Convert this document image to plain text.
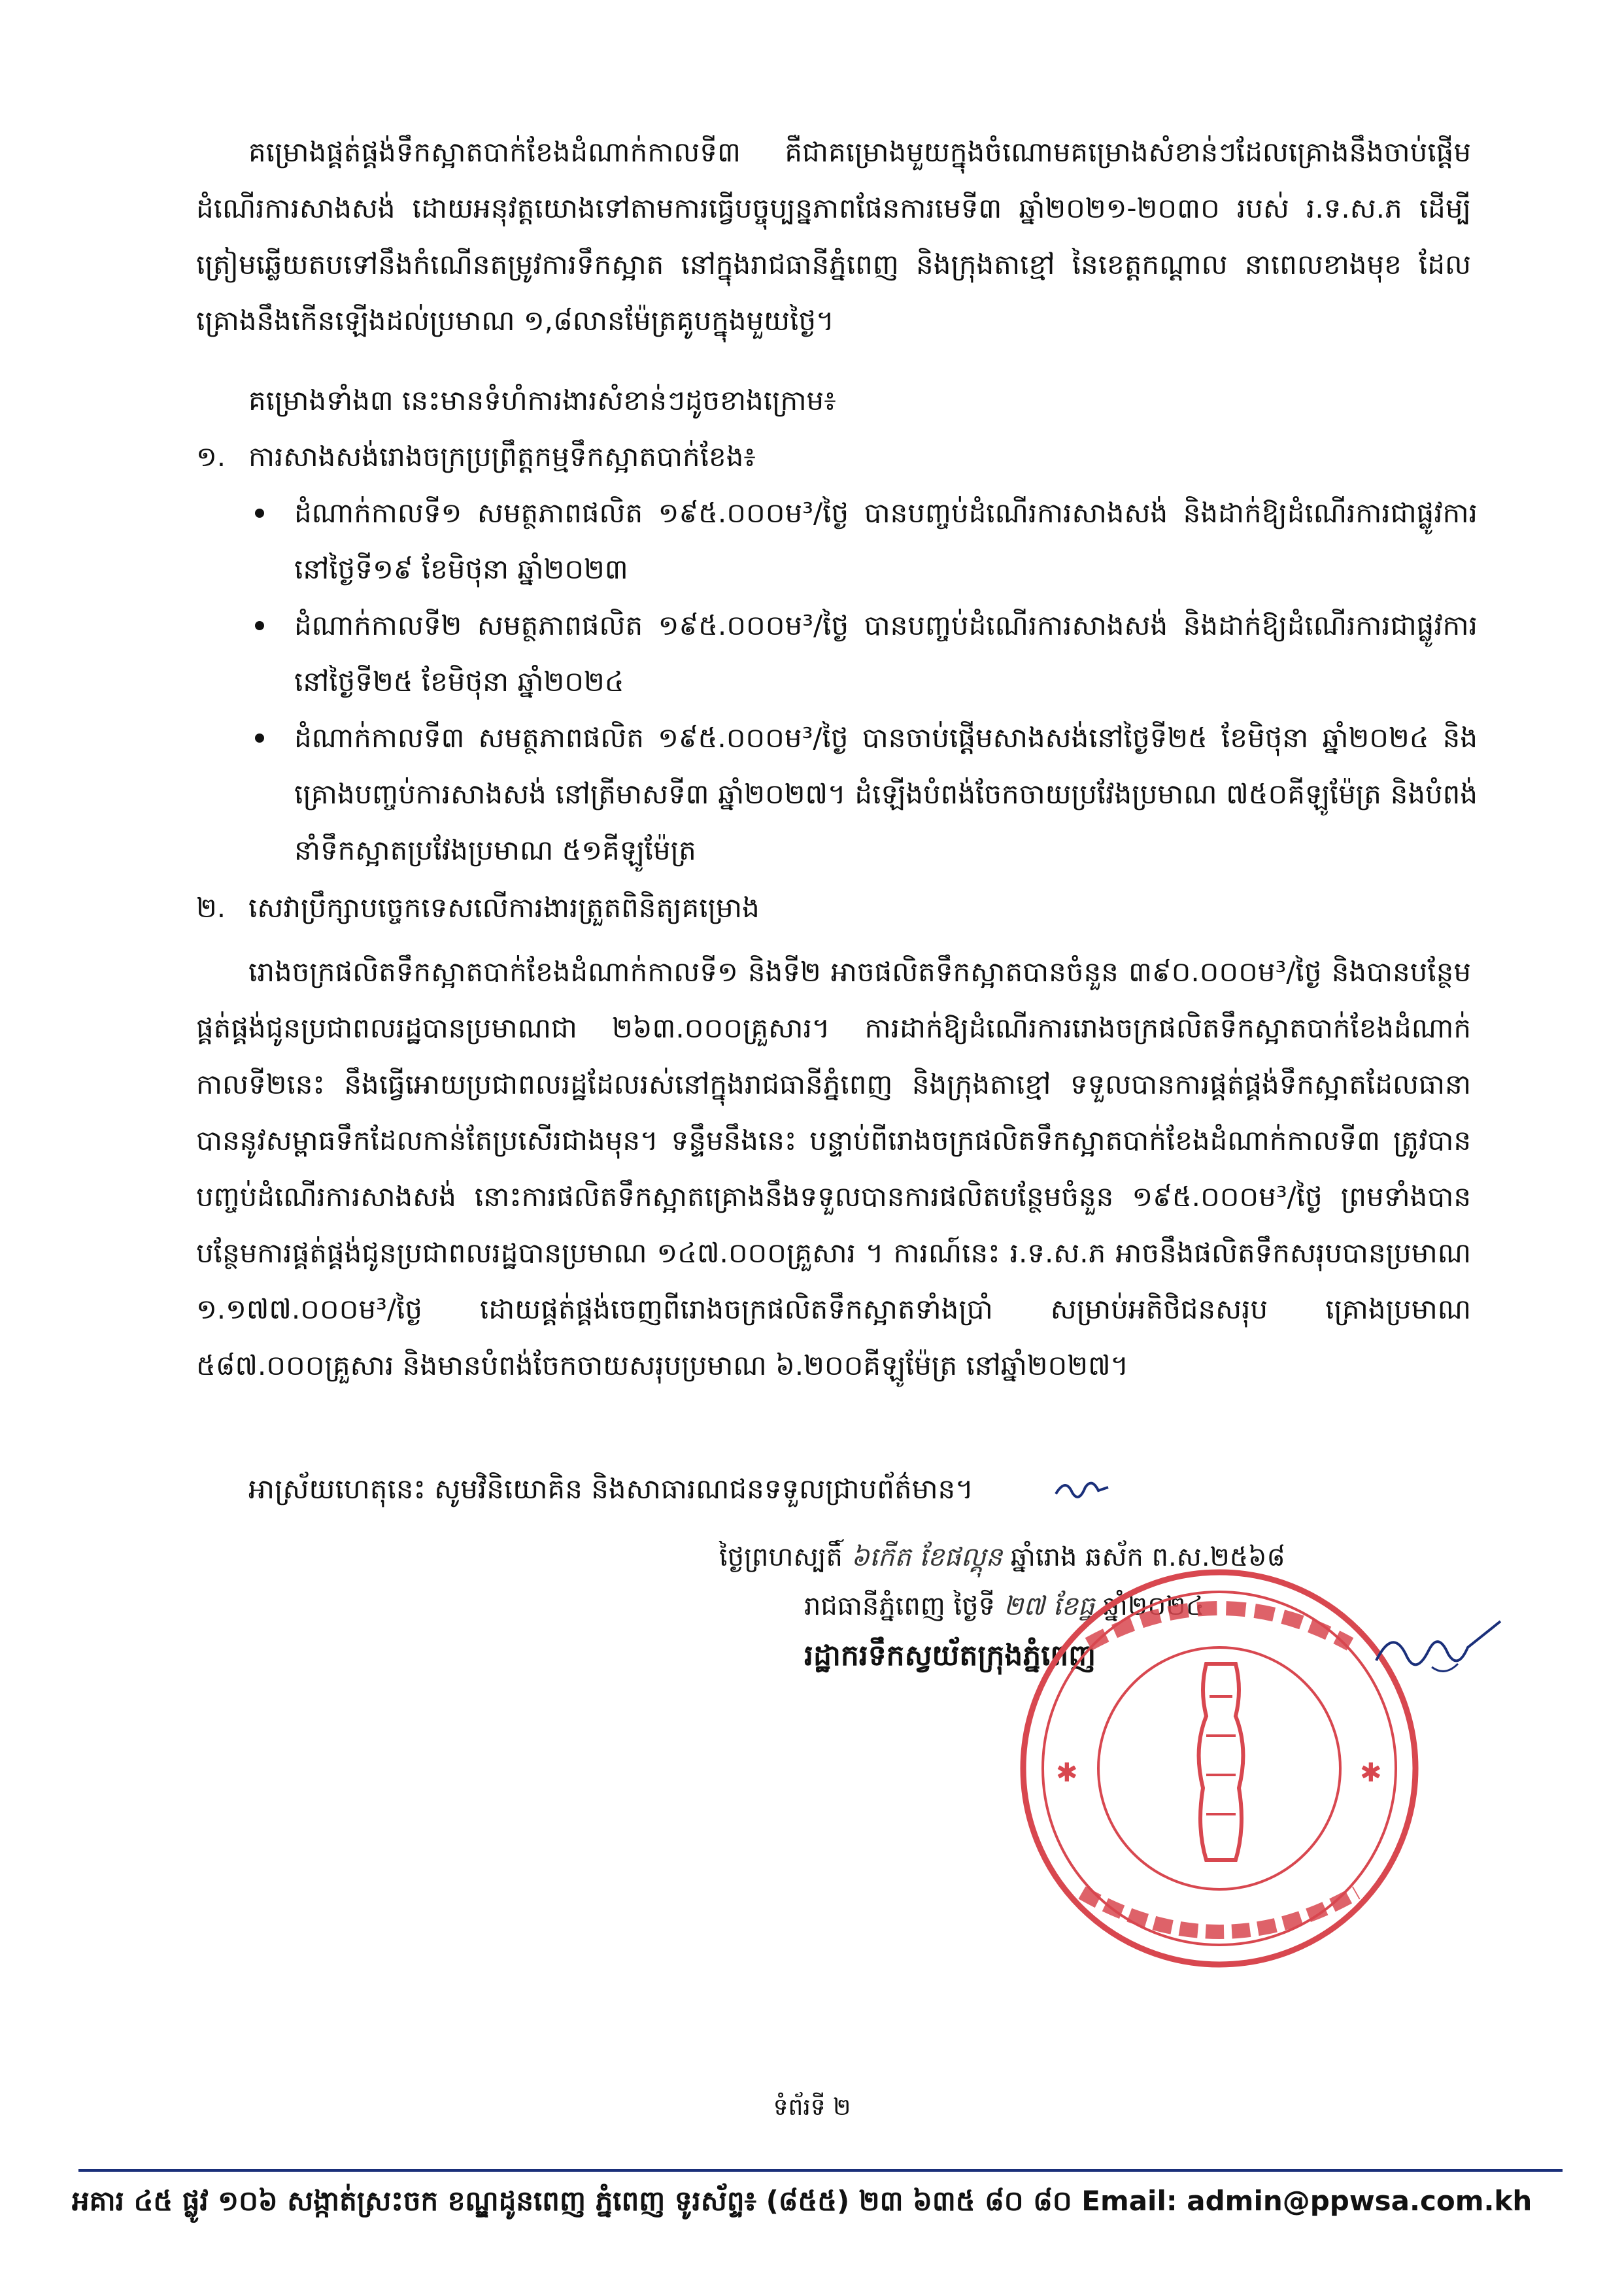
គម្រោងផ្គត់ផ្គង់ទឹកស្អាតបាក់ខែងដំណាក់កាលទី៣ គឺជាគម្រោងមួយក្នុងចំណោមគម្រោងសំខាន់ៗដែលគ្រោងនឹងចាប់ផ្តើមដំណើរការសាងសង់ ដោយអនុវត្តយោងទៅតាមការធ្វើបច្ចុប្បន្នភាពផែនការមេទី៣ ឆ្នាំ២០២១-២០៣០ របស់ រ.ទ.ស.ភ ដើម្បីត្រៀមឆ្លើយតបទៅនឹងកំណើនតម្រូវការទឹកស្អាត នៅក្នុងរាជធានីភ្នំពេញ និងក្រុងតាខ្មៅ នៃខេត្តកណ្តាល នាពេលខាងមុខ ដែលគ្រោងនឹងកើនឡើងដល់ប្រមាណ ១,៨លានម៉ែត្រគូបក្នុងមួយថ្ងៃ។

គម្រោងទាំង៣ នេះមានទំហំការងារសំខាន់ៗដូចខាងក្រោម៖
១. ការសាងសង់រោងចក្រប្រព្រឹត្តកម្មទឹកស្អាតបាក់ខែង៖
ដំណាក់កាលទី១ សមត្ថភាពផលិត ១៩៥.០០០ម³/ថ្ងៃ បានបញ្ចប់ដំណើរការសាងសង់ និងដាក់ឱ្យដំណើរការជាផ្លូវការនៅថ្ងៃទី១៩ ខែមិថុនា ឆ្នាំ២០២៣
ដំណាក់កាលទី២ សមត្ថភាពផលិត ១៩៥.០០០ម³/ថ្ងៃ បានបញ្ចប់ដំណើរការសាងសង់ និងដាក់ឱ្យដំណើរការជាផ្លូវការនៅថ្ងៃទី២៥ ខែមិថុនា ឆ្នាំ២០២៤
ដំណាក់កាលទី៣ សមត្ថភាពផលិត ១៩៥.០០០ម³/ថ្ងៃ បានចាប់ផ្តើមសាងសង់នៅថ្ងៃទី២៥ ខែមិថុនា ឆ្នាំ២០២៤ និងគ្រោងបញ្ចប់ការសាងសង់ នៅត្រីមាសទី៣ ឆ្នាំ២០២៧។ ដំឡើងបំពង់ចែកចាយប្រវែងប្រមាណ ៧៥០គីឡូម៉ែត្រ និងបំពង់នាំទឹកស្អាតប្រវែងប្រមាណ ៥១គីឡូម៉ែត្រ
២. សេវាប្រឹក្សាបច្ចេកទេសលើការងារត្រួតពិនិត្យគម្រោង

រោងចក្រផលិតទឹកស្អាតបាក់ខែងដំណាក់កាលទី១ និងទី២ អាចផលិតទឹកស្អាតបានចំនួន ៣៩០.០០០ម³/ថ្ងៃ និងបានបន្ថែមផ្គត់ផ្គង់ជូនប្រជាពលរដ្ឋបានប្រមាណជា ២៦៣.០០០គ្រួសារ។ ការដាក់ឱ្យដំណើរការរោងចក្រផលិតទឹកស្អាតបាក់ខែងដំណាក់កាលទី២នេះ នឹងធ្វើអោយប្រជាពលរដ្ឋដែលរស់នៅក្នុងរាជធានីភ្នំពេញ និងក្រុងតាខ្មៅ ទទួលបានការផ្គត់ផ្គង់ទឹកស្អាតដែលធានាបាននូវសម្ពាធទឹកដែលកាន់តែប្រសើរជាងមុន។ ទន្ទឹមនឹងនេះ បន្ទាប់ពីរោងចក្រផលិតទឹកស្អាតបាក់ខែងដំណាក់កាលទី៣ ត្រូវបានបញ្ចប់ដំណើរការសាងសង់ នោះការផលិតទឹកស្អាតគ្រោងនឹងទទួលបានការផលិតបន្ថែមចំនួន ១៩៥.០០០ម³/ថ្ងៃ ព្រមទាំងបានបន្ថែមការផ្គត់ផ្គង់ជូនប្រជាពលរដ្ឋបានប្រមាណ ១៤៧.០០០គ្រួសារ ។ ការណ៍នេះ រ.ទ.ស.ភ អាចនឹងផលិតទឹកសរុបបានប្រមាណ ១.១៧៧.០០០ម³/ថ្ងៃ ដោយផ្គត់ផ្គង់ចេញពីរោងចក្រផលិតទឹកស្អាតទាំងប្រាំ សម្រាប់អតិថិជនសរុប គ្រោងប្រមាណ ៥៨៧.០០០គ្រួសារ និងមានបំពង់ចែកចាយសរុបប្រមាណ ៦.២០០គីឡូម៉ែត្រ នៅឆ្នាំ២០២៧។

អាស្រ័យហេតុនេះ សូមវិនិយោគិន និងសាធារណជនទទួលជ្រាបព័ត៌មាន។
ថ្ងៃព្រហស្បតិ៍ ៦កើត ខែផល្គុន ឆ្នាំរោង ឆស័ក ព.ស.២៥៦៨
រាជធានីភ្នំពេញ ថ្ងៃទី ២៧ ខែធ្នូ ឆ្នាំ២០២៤
រដ្ឋាករទឹកស្វយ័តក្រុងភ្នំពេញ
✱	✱
ទំព័រទី ២
អគារ ៤៥ ផ្លូវ ១០៦ សង្កាត់ស្រះចក ខណ្ឌដូនពេញ ភ្នំពេញ ទូរស័ព្ទ៖ (៨៥៥) ២៣ ៦៣៥ ៨០ ៨០ Email: admin@ppwsa.com.kh
